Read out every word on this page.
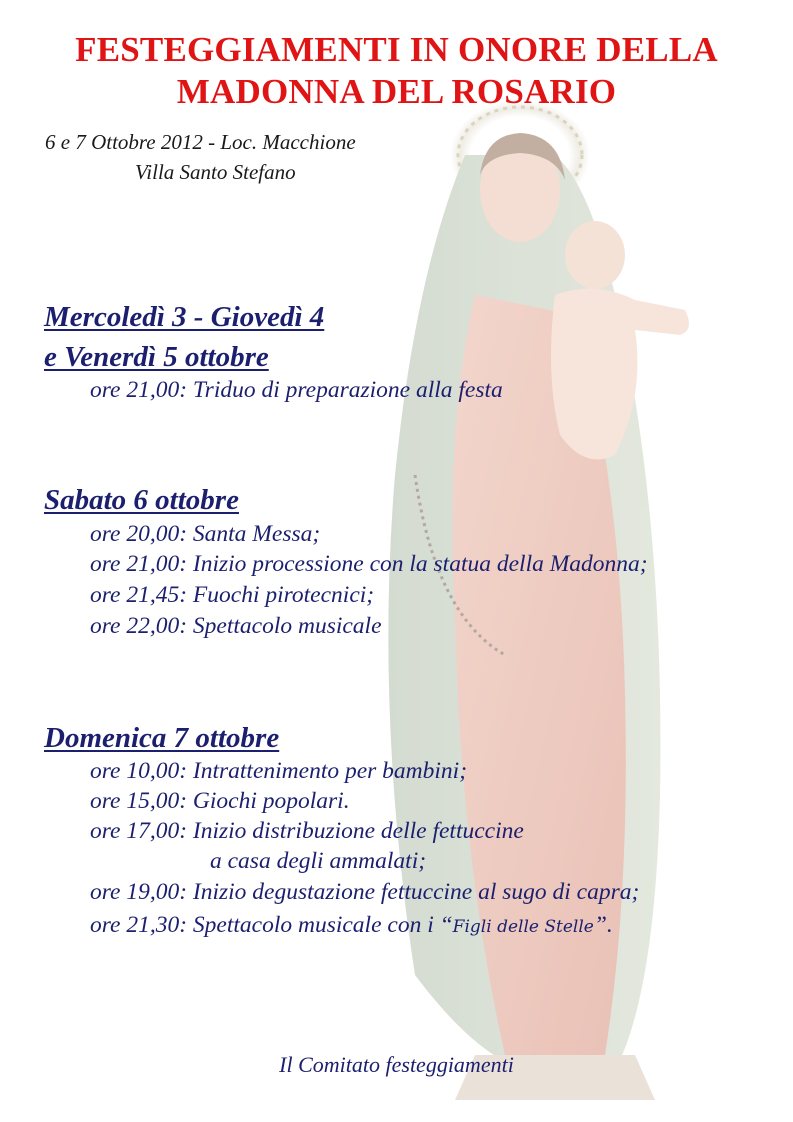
FESTEGGIAMENTI IN ONORE DELLA
MADONNA DEL ROSARIO
6 e 7 Ottobre 2012 - Loc. Macchione
Villa Santo Stefano
Mercoledì 3 - Giovedì 4
e Venerdì 5 ottobre
ore 21,00: Triduo di preparazione alla festa
Sabato 6 ottobre
ore 20,00: Santa Messa;
ore 21,00: Inizio processione con la statua della Madonna;
ore 21,45: Fuochi pirotecnici;
ore 22,00: Spettacolo musicale
Domenica 7 ottobre
ore 10,00: Intrattenimento per bambini;
ore 15,00: Giochi popolari.
ore 17,00: Inizio distribuzione delle fettuccine
a casa degli ammalati;
ore 19,00: Inizio degustazione fettuccine al sugo di capra;
ore 21,30: Spettacolo musicale con i “Figli delle Stelle”.
Il Comitato festeggiamenti
